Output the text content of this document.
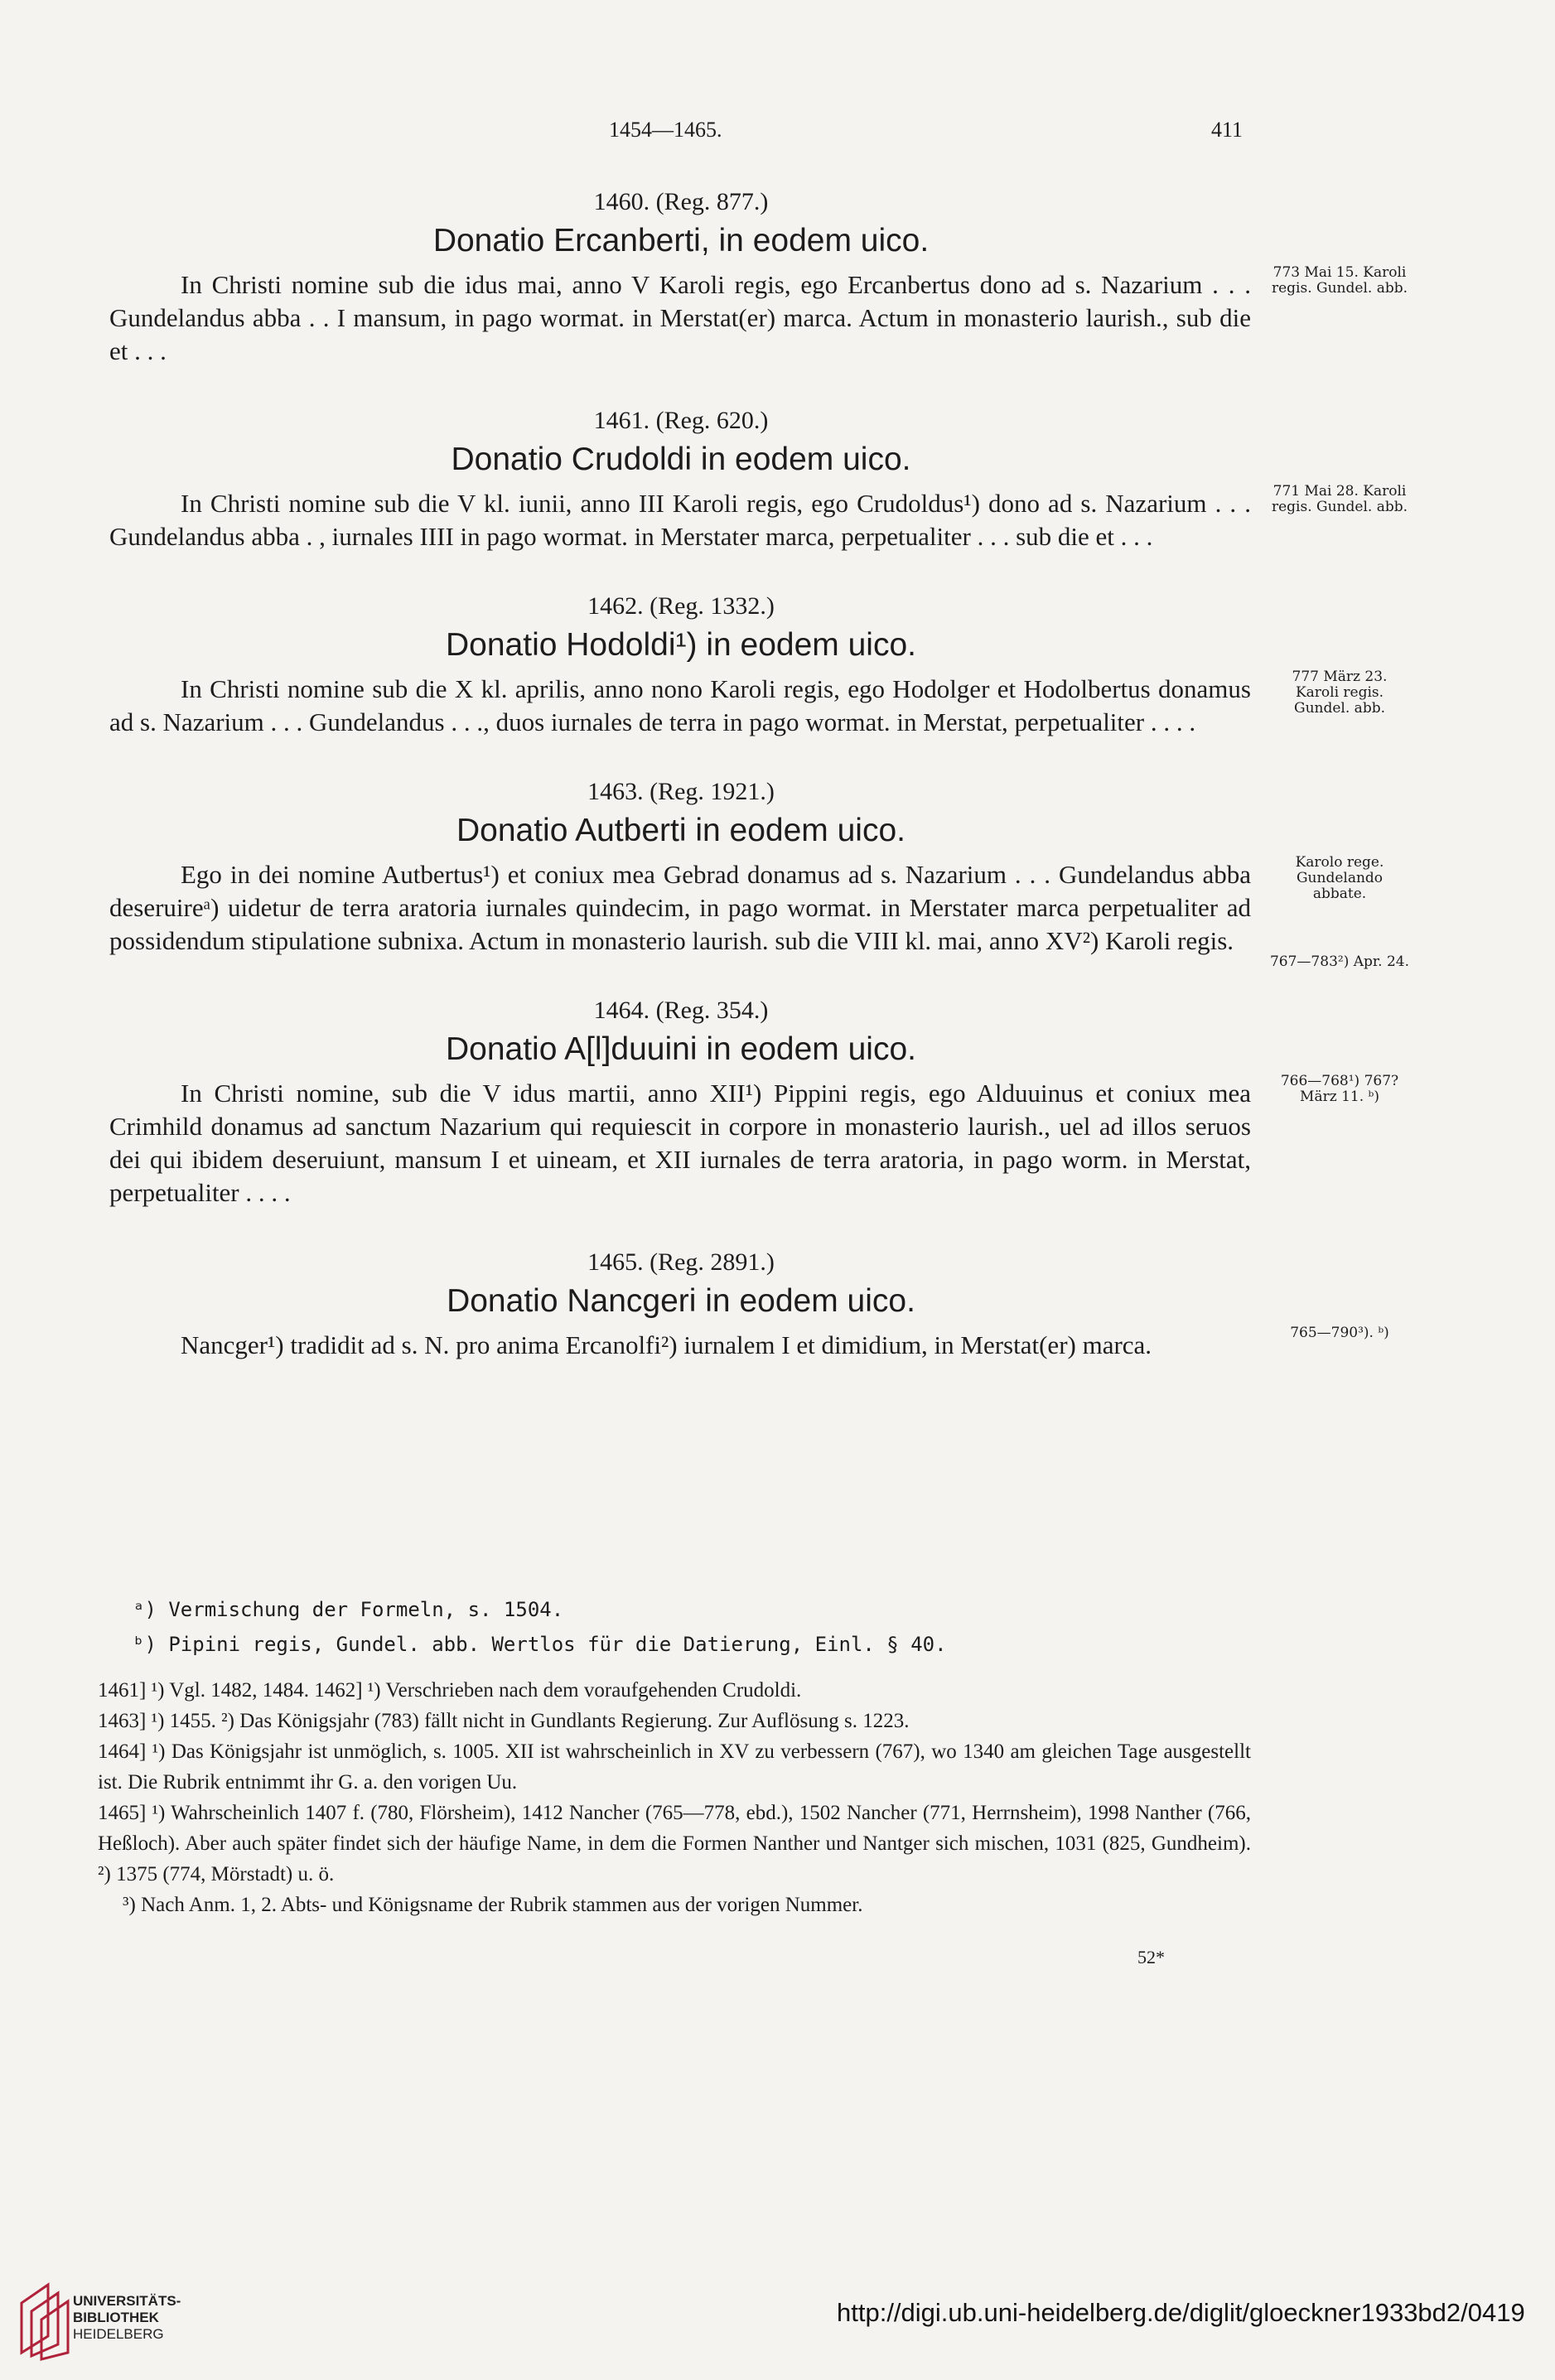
1454—1465.	411
1460. (Reg. 877.)
Donatio Ercanberti, in eodem uico.
In Christi nomine sub die idus mai, anno V Karoli regis, ego Ercanbertus dono ad s. Nazarium . . . Gundelandus abba . . I mansum, in pago wormat. in Merstat(er) marca. Actum in monasterio laurish., sub die et . . .
773 Mai 15. Karoli regis. Gundel. abb.
1461. (Reg. 620.)
Donatio Crudoldi in eodem uico.
In Christi nomine sub die V kl. iunii, anno III Karoli regis, ego Crudoldus¹) dono ad s. Nazarium . . . Gundelandus abba . , iurnales IIII in pago wormat. in Merstater marca, perpetualiter . . . sub die et . . .
771 Mai 28. Karoli regis. Gundel. abb.
1462. (Reg. 1332.)
Donatio Hodoldi¹) in eodem uico.
In Christi nomine sub die X kl. aprilis, anno nono Karoli regis, ego Hodolger et Hodolbertus donamus ad s. Nazarium . . . Gundelandus . . ., duos iurnales de terra in pago wormat. in Merstat, perpetualiter . . . .
777 März 23. Karoli regis. Gundel. abb.
1463. (Reg. 1921.)
Donatio Autberti in eodem uico.
Ego in dei nomine Autbertus¹) et coniux mea Gebrad donamus ad s. Nazarium . . . Gundelandus abba deseruireᵃ) uidetur de terra aratoria iurnales quindecim, in pago wormat. in Merstater marca perpetualiter ad possidendum stipulatione subnixa. Actum in monasterio laurish. sub die VIII kl. mai, anno XV²) Karoli regis.
Karolo rege. Gundelando abbate.
767—783²) Apr. 24.
1464. (Reg. 354.)
Donatio A[l]duuini in eodem uico.
In Christi nomine, sub die V idus martii, anno XII¹) Pippini regis, ego Alduuinus et coniux mea Crimhild donamus ad sanctum Nazarium qui requiescit in corpore in monasterio laurish., uel ad illos seruos dei qui ibidem deseruiunt, mansum I et uineam, et XII iurnales de terra aratoria, in pago worm. in Merstat, perpetualiter . . . .
766—768¹) 767? März 11. ᵇ)
1465. (Reg. 2891.)
Donatio Nancgeri in eodem uico.
Nancger¹) tradidit ad s. N. pro anima Ercanolfi²) iurnalem I et dimidium, in Merstat(er) marca.	765—790³). ᵇ)
ᵃ) Vermischung der Formeln, s. 1504.
ᵇ) Pipini regis, Gundel. abb. Wertlos für die Datierung, Einl. § 40.

1461] ¹) Vgl. 1482, 1484. 1462] ¹) Verschrieben nach dem voraufgehenden Crudoldi.

1463] ¹) 1455. ²) Das Königsjahr (783) fällt nicht in Gundlants Regierung. Zur Auflösung s. 1223.

1464] ¹) Das Königsjahr ist unmöglich, s. 1005. XII ist wahrscheinlich in XV zu verbessern (767), wo 1340 am gleichen Tage ausgestellt ist. Die Rubrik entnimmt ihr G. a. den vorigen Uu.

1465] ¹) Wahrscheinlich 1407 f. (780, Flörsheim), 1412 Nancher (765—778, ebd.), 1502 Nancher (771, Herrnsheim), 1998 Nanther (766, Heßloch). Aber auch später findet sich der häufige Name, in dem die Formen Nanther und Nantger sich mischen, 1031 (825, Gundheim). ²) 1375 (774, Mörstadt) u. ö.

³) Nach Anm. 1, 2. Abts- und Königsname der Rubrik stammen aus der vorigen Nummer.

52*
UNIVERSITÄTS-
BIBLIOTHEK
HEIDELBERG
http://digi.ub.uni-heidelberg.de/diglit/gloeckner1933bd2/0419
